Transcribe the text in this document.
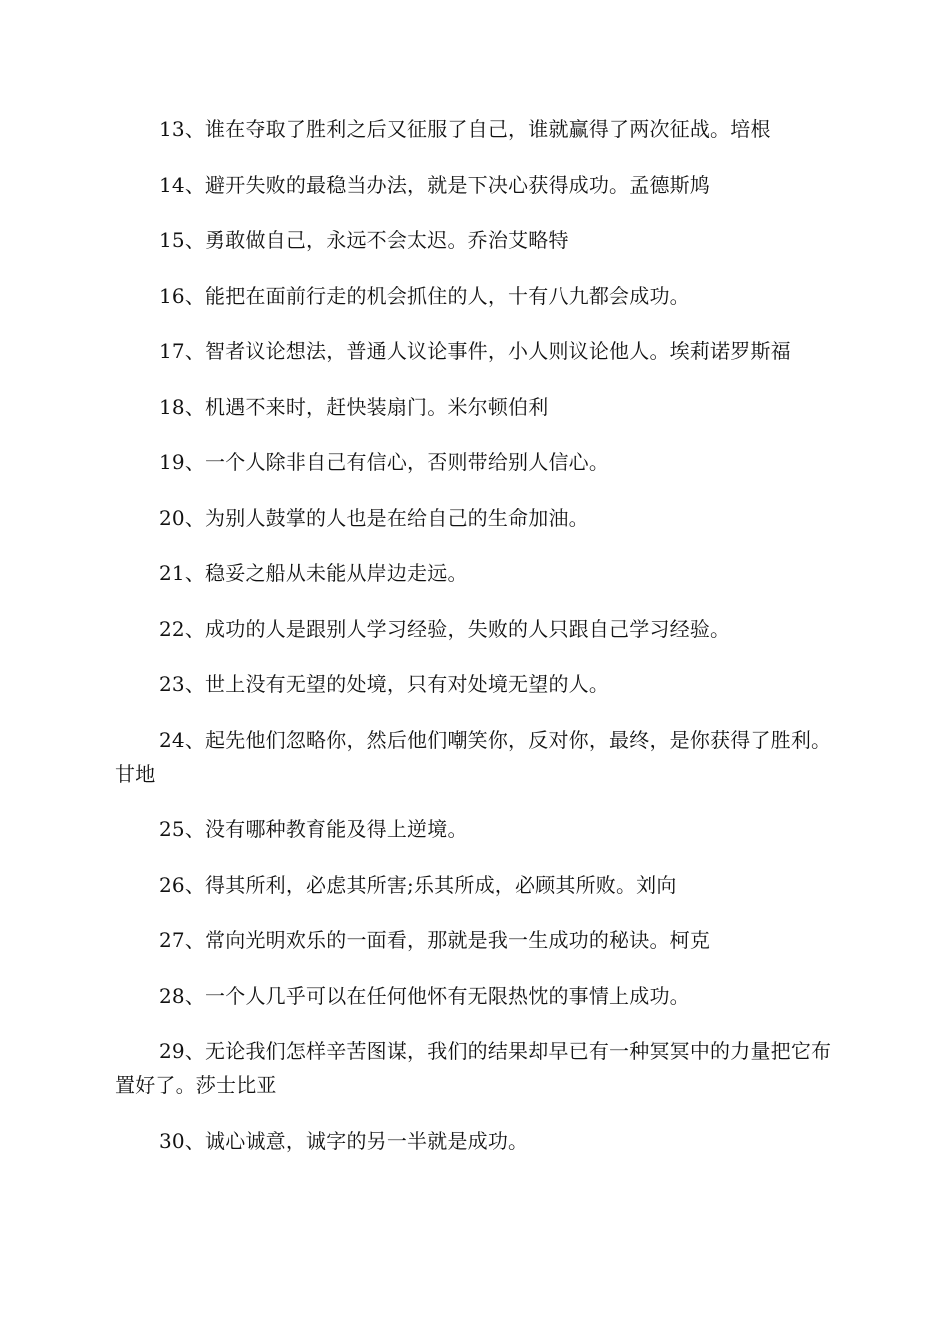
13、谁在夺取了胜利之后又征服了自己，谁就赢得了两次征战。培根

14、避开失败的最稳当办法，就是下决心获得成功。孟德斯鸠

15、勇敢做自己，永远不会太迟。乔治艾略特

16、能把在面前行走的机会抓住的人，十有八九都会成功。

17、智者议论想法，普通人议论事件，小人则议论他人。埃莉诺罗斯福

18、机遇不来时，赶快装扇门。米尔顿伯利

19、一个人除非自己有信心，否则带给别人信心。

20、为别人鼓掌的人也是在给自己的生命加油。

21、稳妥之船从未能从岸边走远。

22、成功的人是跟别人学习经验，失败的人只跟自己学习经验。

23、世上没有无望的处境，只有对处境无望的人。

24、起先他们忽略你，然后他们嘲笑你，反对你，最终，是你获得了胜利。甘地

25、没有哪种教育能及得上逆境。

26、得其所利，必虑其所害;乐其所成，必顾其所败。刘向

27、常向光明欢乐的一面看，那就是我一生成功的秘诀。柯克

28、一个人几乎可以在任何他怀有无限热忱的事情上成功。

29、无论我们怎样辛苦图谋，我们的结果却早已有一种冥冥中的力量把它布置好了。莎士比亚

30、诚心诚意，诚字的另一半就是成功。
